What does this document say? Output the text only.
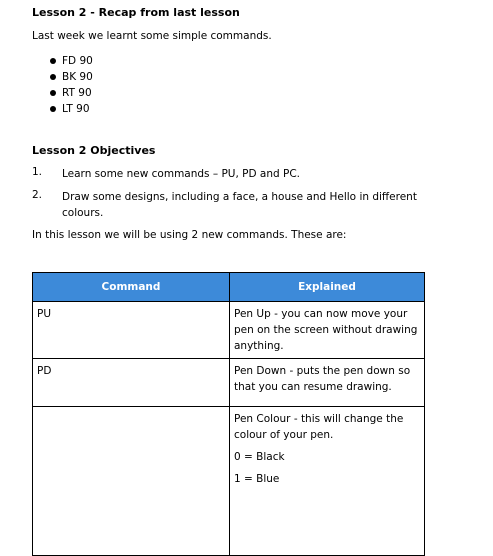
Lesson 2 - Recap from last lesson

Last week we learnt some simple commands.

FD 90
BK 90
RT 90
LT 90
Lesson 2 Objectives
1. Learn some new commands – PU, PD and PC.
2. Draw some designs, including a face, a house and Hello in different colours.

In this lesson we will be using 2 new commands. These are:

Command	Explained
PU	Pen Up - you can now move your pen on the screen without drawing anything.
PD	Pen Down - puts the pen down so that you can resume drawing.

	Pen Colour - this will change the colour of your pen.

0 = Black

1 = Blue
